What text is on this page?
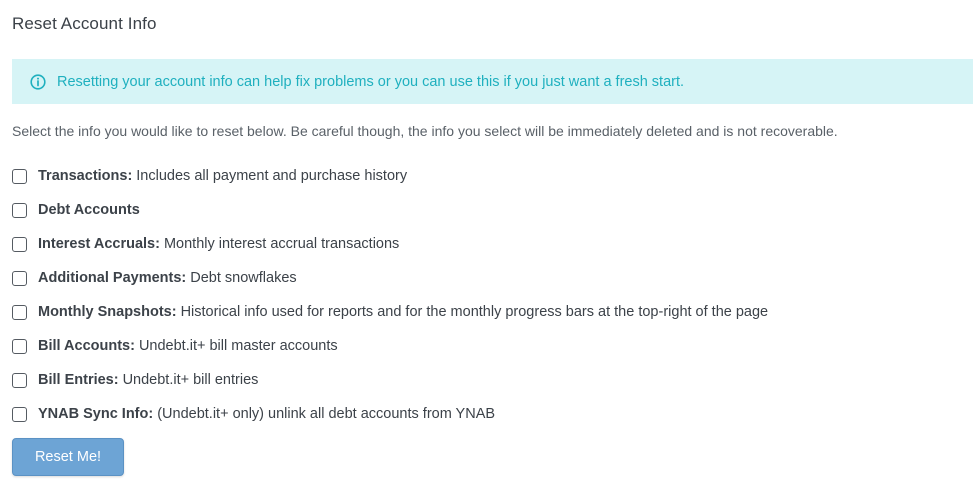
Reset Account Info
Resetting your account info can help fix problems or you can use this if you just want a fresh start.
Select the info you would like to reset below. Be careful though, the info you select will be immediately deleted and is not recoverable.
Transactions: Includes all payment and purchase history
Debt Accounts
Interest Accruals: Monthly interest accrual transactions
Additional Payments: Debt snowflakes
Monthly Snapshots: Historical info used for reports and for the monthly progress bars at the top-right of the page
Bill Accounts: Undebt.it+ bill master accounts
Bill Entries: Undebt.it+ bill entries
YNAB Sync Info: (Undebt.it+ only) unlink all debt accounts from YNAB
Reset Me!
